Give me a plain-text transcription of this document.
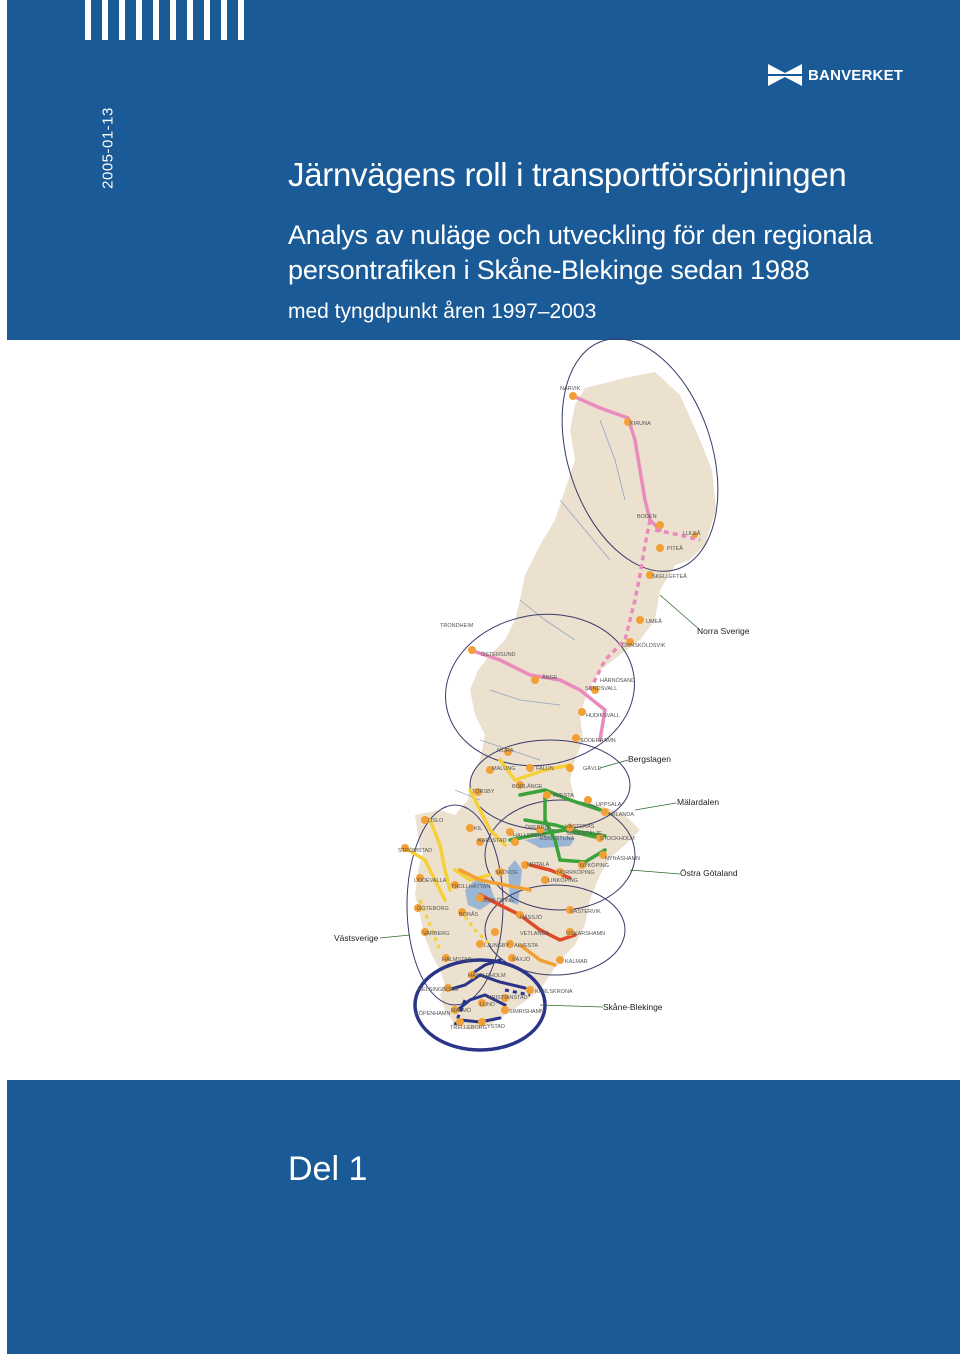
2005-01-13
BANVERKET
Järnvägens roll i transportförsörjningen
Analys av nuläge och utveckling för den regionala
persontrafiken i Skåne-Blekinge sedan 1988
med tyngdpunkt åren 1997–2003
NARVIK
KIRUNA
BODEN
LULEÅ
PITEÅ
SKELLEFTEÅ
UMEÅ
TRONDHEIM
ÖRNSKÖLDSVIK
ÖSTERSUND
ÅNGE	HÄRNÖSAND
SUNDSVALL
HUDIKSVALL
SÖDERHAMN
MORA
MALUNG	FALUN	GÄVLE
BORLÄNGE
TORSBY
AVESTA
UPPSALA
ARLANDA
OSLO
KIL	VÄSTERÅS
ÖREBRO
HALLSBERG
ESKILSTUNA
SÖDERTÄLJE
STOCKHOLM
KARLSTAD
STRÖMSTAD
NYNÄSHAMN
MOTALA	NYKÖPING
SKÖVDE	NORRKÖPING
LINKÖPING
UDDEVALLA
TROLLHÄTTAN
JÖNKÖPING
GÖTEBORG	VÄSTERVIK
BORÅS	NÄSSJÖ
VETLANDA
VARBERG	OSKARSHAMN
LJUNGBY ALVESTA
HALMSTAD	VÄXJÖ	KALMAR
HÄSSLEHOLM
HELSINGBORG	KARLSKRONA
KRISTIANSTAD
LUND
SIMRISHAMN
KÖPENHAMN MALMÖ
TRELLEBORG YSTAD
Norra Sverige
Bergslagen
Mälardalen
Östra Götaland
Västsverige
Skåne-Blekinge
Del 1
